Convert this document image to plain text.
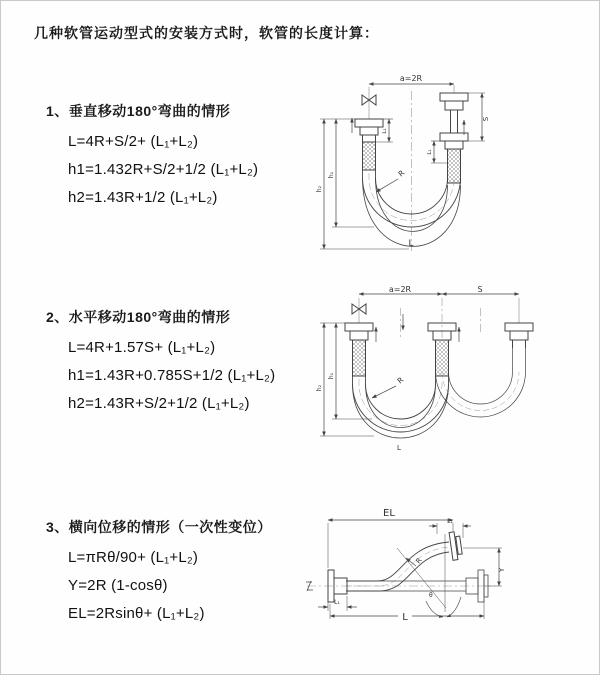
几种软管运动型式的安装方式时，软管的长度计算：
1、垂直移动180°弯曲的情形

L=4R+S/2+ (L₁+L₂)

h1=1.432R+S/2+1/2 (L₁+L₂)

h2=1.43R+1/2 (L₁+L₂)

2、水平移动180°弯曲的情形

L=4R+1.57S+ (L₁+L₂)

h1=1.43R+0.785S+1/2 (L₁+L₂)

h2=1.43R+S/2+1/2 (L₁+L₂)

3、横向位移的情形（一次性变位）

L=πRθ/90+ (L₁+L₂)

Y=2R (1-cosθ)

EL=2Rsinθ+ (L₁+L₂)

a=2R
S
L₁
L₁
h₁
h₂
R
L
a=2R	S
h₁
h₂
R
L
EL
L₁
Y
R
θ
L
L₁
